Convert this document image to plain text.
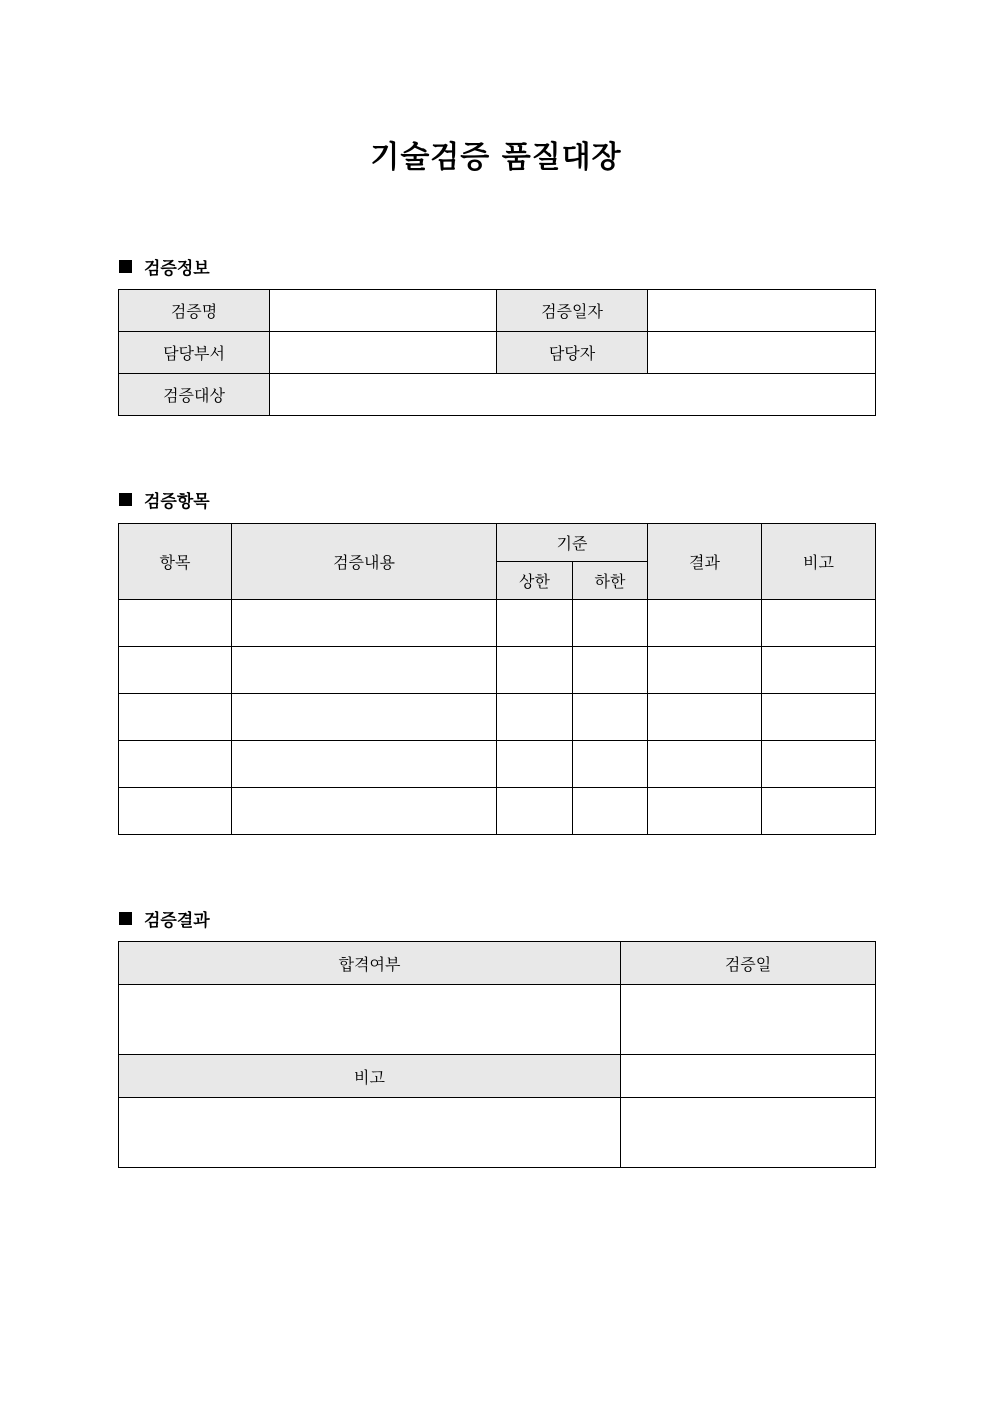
기술검증 품질대장
검증정보
검증명		검증일자	
담당부서		담당자	
검증대상			
검증항목
항목	검증내용	기준		결과	비고
		상한	하한		

검증결과
합격여부	검증일

비고	
